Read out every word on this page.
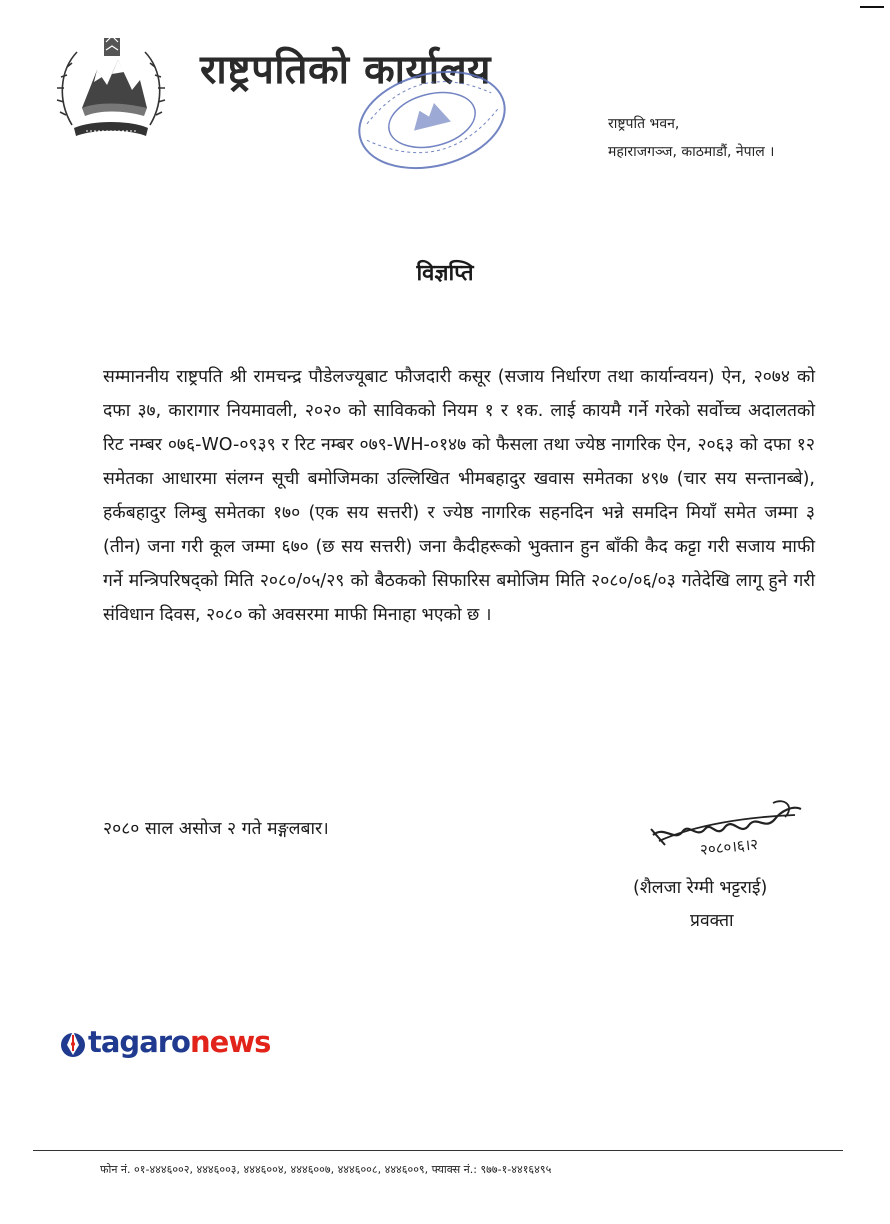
राष्ट्रपतिको कार्यालय
राष्ट्रपति भवन,
महाराजगञ्ज, काठमाडौं, नेपाल ।
विज्ञप्ति
सम्माननीय राष्ट्रपति श्री रामचन्द्र पौडेलज्यूबाट फौजदारी कसूर (सजाय निर्धारण तथा कार्यान्वयन) ऐन, २०७४ को दफा ३७, कारागार नियमावली, २०२० को साविकको नियम १ र १क. लाई कायमै गर्ने गरेको सर्वोच्च अदालतको रिट नम्बर ०७६-WO-०९३९ र रिट नम्बर ०७९-WH-०१४७ को फैसला तथा ज्येष्ठ नागरिक ऐन, २०६३ को दफा १२ समेतका आधारमा संलग्न सूची बमोजिमका उल्लिखित भीमबहादुर खवास समेतका ४९७ (चार सय सन्तानब्बे), हर्कबहादुर लिम्बु समेतका १७० (एक सय सत्तरी) र ज्येष्ठ नागरिक सहनदिन भन्ने समदिन मियाँ समेत जम्मा ३ (तीन) जना गरी कूल जम्मा ६७० (छ सय सत्तरी) जना कैदीहरूको भुक्तान हुन बाँकी कैद कट्टा गरी सजाय माफी गर्ने मन्त्रिपरिषद्को मिति २०८०/०५/२९ को बैठकको सिफारिस बमोजिम मिति २०८०/०६/०३ गतेदेखि लागू हुने गरी संविधान दिवस, २०८० को अवसरमा माफी मिनाहा भएको छ ।
२०८० साल असोज २ गते मङ्गलबार।
२०८०।६।२
(शैलजा रेग्मी भट्टराई)
प्रवक्ता
tagaro news
फोन नं. ०१-४४४६००२, ४४४६००३, ४४४६००४, ४४४६००७, ४४४६००८, ४४४६००९, फ्याक्स नं.: ९७७-१-४४१६४९५
